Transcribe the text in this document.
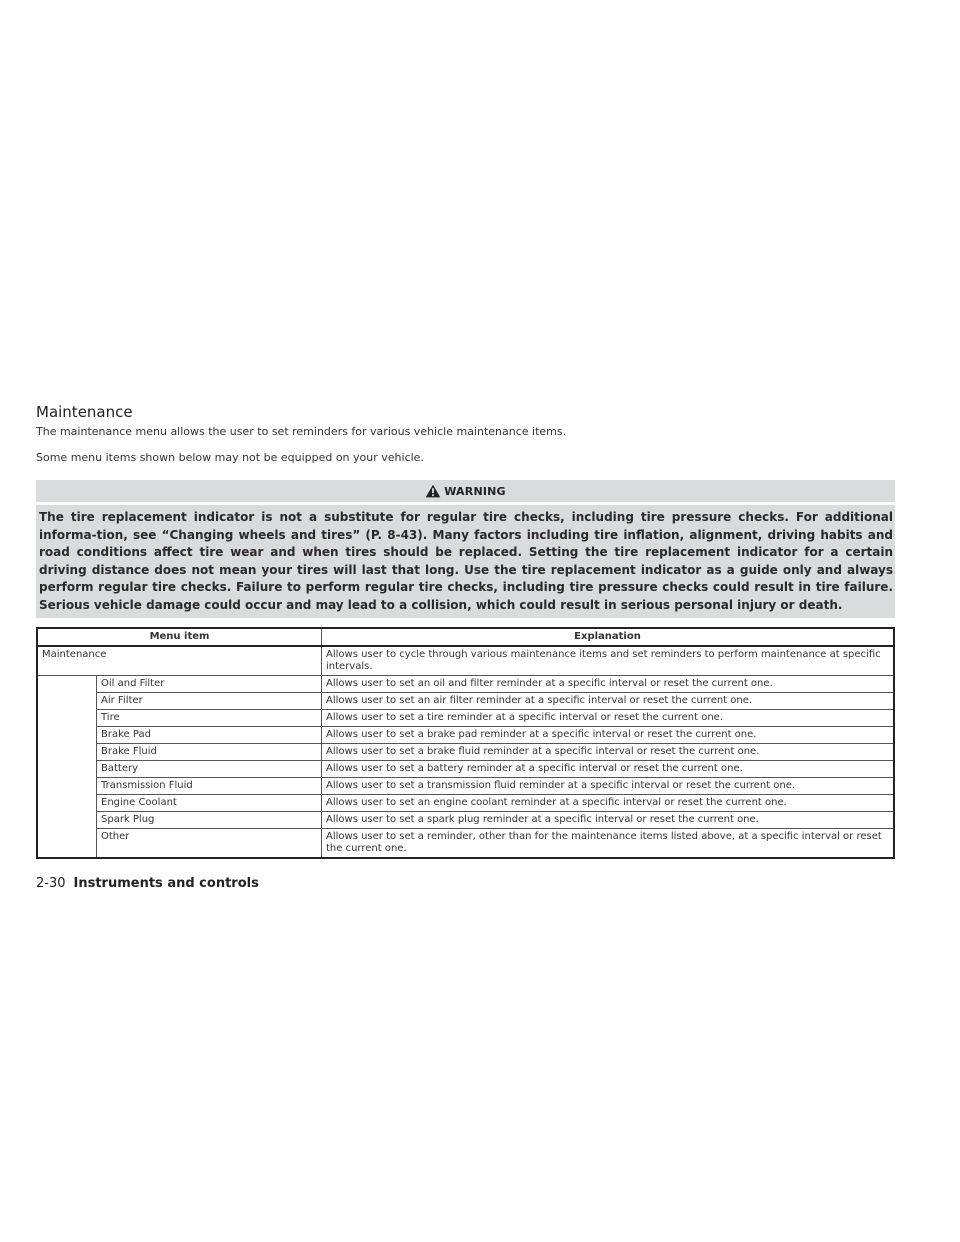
Maintenance

The maintenance menu allows the user to set reminders for various vehicle maintenance items.

Some menu items shown below may not be equipped on your vehicle.

WARNING
The tire replacement indicator is not a substitute for regular tire checks, including tire pressure checks. For additional informa-tion, see “Changing wheels and tires” (P. 8-43). Many factors including tire inflation, alignment, driving habits and road conditions affect tire wear and when tires should be replaced. Setting the tire replacement indicator for a certain driving distance does not mean your tires will last that long. Use the tire replacement indicator as a guide only and always perform regular tire checks. Failure to perform regular tire checks, including tire pressure checks could result in tire failure. Serious vehicle damage could occur and may lead to a collision, which could result in serious personal injury or death.
Menu item		Explanation
Maintenance		Allows user to cycle through various maintenance items and set reminders to perform maintenance at specific intervals.
	Oil and Filter	Allows user to set an oil and filter reminder at a specific interval or reset the current one.
	Air Filter	Allows user to set an air filter reminder at a specific interval or reset the current one.
	Tire	Allows user to set a tire reminder at a specific interval or reset the current one.
	Brake Pad	Allows user to set a brake pad reminder at a specific interval or reset the current one.
	Brake Fluid	Allows user to set a brake fluid reminder at a specific interval or reset the current one.
	Battery	Allows user to set a battery reminder at a specific interval or reset the current one.
	Transmission Fluid	Allows user to set a transmission fluid reminder at a specific interval or reset the current one.
	Engine Coolant	Allows user to set an engine coolant reminder at a specific interval or reset the current one.
	Spark Plug	Allows user to set a spark plug reminder at a specific interval or reset the current one.
	Other	Allows user to set a reminder, other than for the maintenance items listed above, at a specific interval or reset the current one.
2-30 Instruments and controls
